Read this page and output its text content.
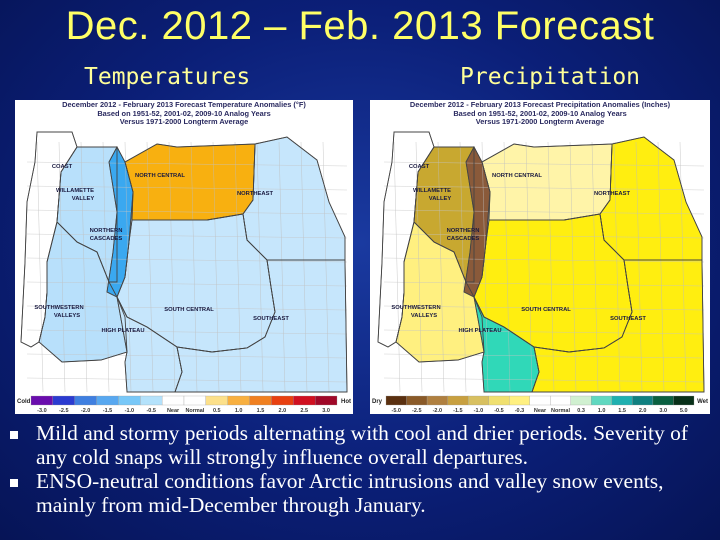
Dec. 2012 – Feb. 2013 Forecast
Temperatures	Precipitation
COAST
WILLAMETTE
VALLEY
NORTH CENTRAL
NORTHEAST
NORTHERN
CASCADES
SOUTHWESTERN
VALLEYS
SOUTH CENTRAL
HIGH PLATEAU
SOUTHEAST
-3.0 -2.5 -2.0 -1.5 -1.0 -0.5 Near Normal 0.5	1.0	1.5	2.0	2.5	3.0
Cold	Hot
December 2012 - February 2013 Forecast Temperature Anomalies (°F)
Based on 1951-52, 2001-02, 2009-10 Analog Years
Versus 1971-2000 Longterm Average
COAST
WILLAMETTE
VALLEY
NORTH CENTRAL
NORTHEAST
NORTHERN
CASCADES
SOUTHWESTERN
VALLEYS
SOUTH CENTRAL
HIGH PLATEAU
SOUTHEAST
-5.0 -2.5 -2.0 -1.5 -1.0 -0.5 -0.3 Near Normal 0.3 1.0 1.5 2.0 3.0 5.0
Dry	Wet
December 2012 - February 2013 Forecast Precipitation Anomalies (Inches)
Based on 1951-52, 2001-02, 2009-10 Analog Years
Versus 1971-2000 Longterm Average
Mild and stormy periods alternating with cool and drier periods. Severity of any cold snaps will strongly influence overall departures.
ENSO-neutral conditions favor Arctic intrusions and valley snow events, mainly from mid-December through January.
